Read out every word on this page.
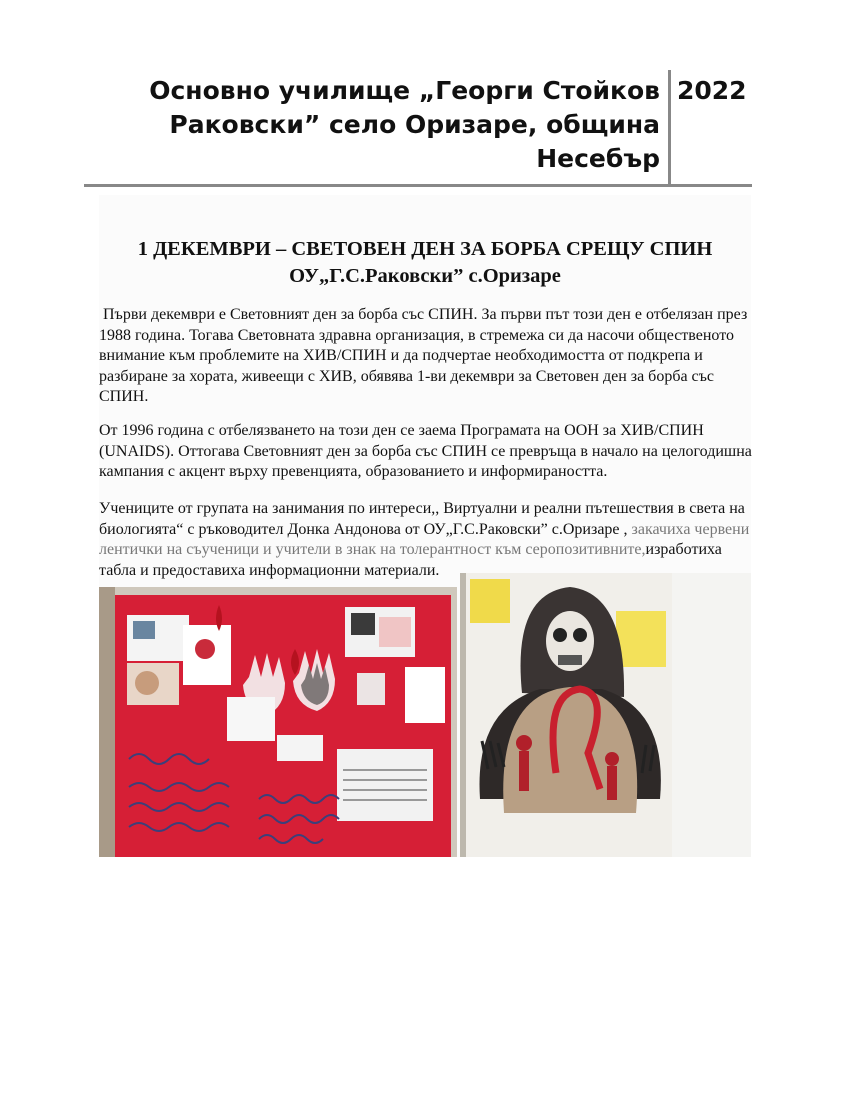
Основно училище „Георги Стойков Раковски” село Оризаре, община Несебър
2022
1 ДЕКЕМВРИ – СВЕТОВЕН ДЕН ЗА БОРБА СРЕЩУ СПИН
ОУ„Г.С.Раковски” с.Оризаре
Първи декември е Световният ден за борба със СПИН. За първи път този ден е отбелязан през 1988 година. Тогава Световната здравна организация, в стремежа си да насочи общественото внимание към проблемите на ХИВ/СПИН и да подчертае необходимостта от подкрепа и разбиране за хората, живеещи с ХИВ, обявява 1-ви декември за Световен ден за борба със СПИН.
От 1996 година с отбелязването на този ден се заема Програмата на ООН за ХИВ/СПИН (UNAIDS). Оттогава Световният ден за борба със СПИН се превръща в начало на целогодишна кампания с акцент върху превенцията, образованието и информираността.
Учениците от групата на занимания по интереси,, Виртуални и реални пътешествия в света на биологията“ с ръководител Донка Андонова от ОУ„Г.С.Раковски” с.Оризаре , закачиха червени лентички на съученици и учители в знак на толерантност към серопозитивните,изработиха табла и предоставиха информационни материали.
